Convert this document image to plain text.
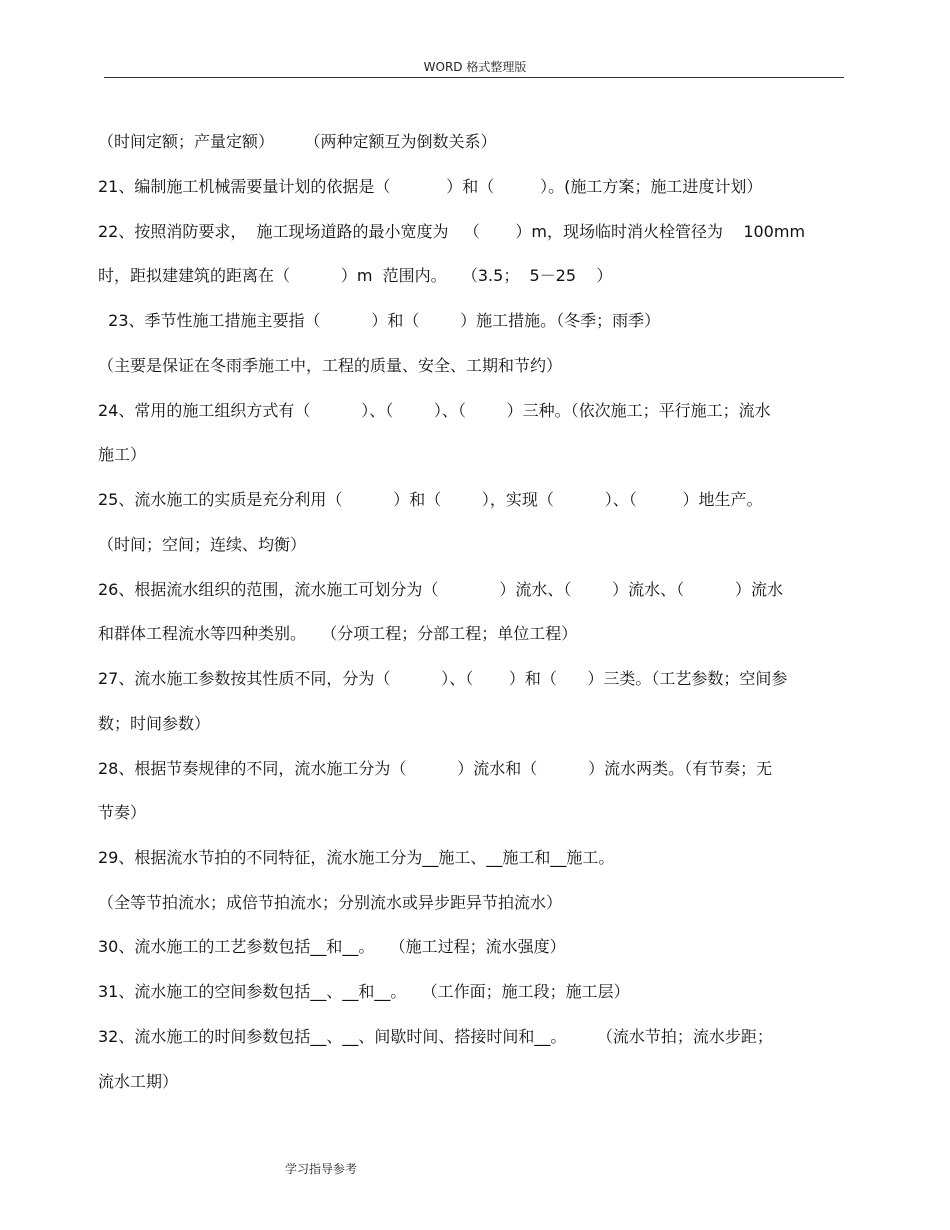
WORD 格式整理版
（时间定额；产量定额）      （两种定额互为倒数关系）
21、编制施工机械需要量计划的依据是（           ）和（         ）。(施工方案；施工进度计划）
22、按照消防要求，  施工现场道路的最小宽度为   （       ）m，现场临时消火栓管径为    100mm
时，距拟建建筑的距离在（          ）m  范围内。   （3.5；  5－25    ）
23、季节性施工措施主要指（          ）和（        ）施工措施。（冬季；雨季）
（主要是保证在冬雨季施工中，工程的质量、安全、工期和节约）
24、常用的施工组织方式有（          ）、（        ）、（        ）三种。（依次施工；平行施工；流水
施工）
25、流水施工的实质是充分利用（          ）和（        ），实现（          ）、（         ）地生产。
（时间；空间；连续、均衡）
26、根据流水组织的范围，流水施工可划分为（            ）流水、（        ）流水、（          ）流水
和群体工程流水等四种类别。   （分项工程；分部工程；单位工程）
27、流水施工参数按其性质不同，分为（          ）、（       ）和（      ）三类。（工艺参数；空间参
数；时间参数）
28、根据节奏规律的不同，流水施工分为（          ）流水和（          ）流水两类。（有节奏；无
节奏）
29、根据流水节拍的不同特征，流水施工分为__施工、__施工和__施工。
（全等节拍流水；成倍节拍流水；分别流水或异步距异节拍流水）
30、流水施工的工艺参数包括__和__。   （施工过程；流水强度）
31、流水施工的空间参数包括__、__和__。   （工作面；施工段；施工层）
32、流水施工的时间参数包括__、__、间歇时间、搭接时间和__。      （流水节拍；流水步距；
流水工期）
学习指导参考
